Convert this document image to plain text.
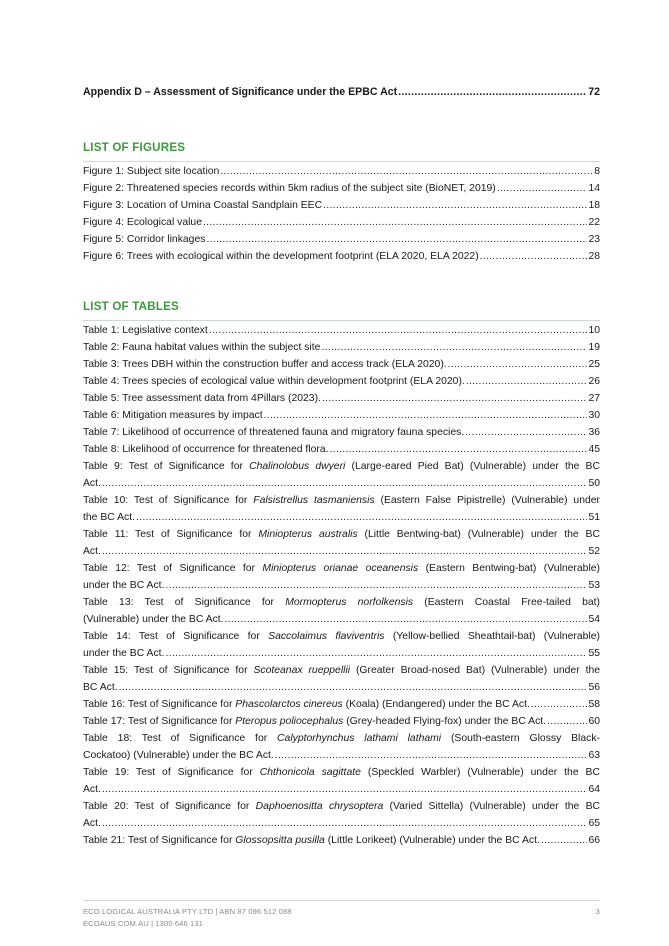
Appendix D – Assessment of Significance under the EPBC Act .....	72
LIST OF FIGURES
Figure 1: Subject site location .....	8
Figure 2: Threatened species records within 5km radius of the subject site (BioNET, 2019) .....	14
Figure 3: Location of Umina Coastal Sandplain EEC .....	18
Figure 4: Ecological value .....	22
Figure 5: Corridor linkages .....	23
Figure 6: Trees with ecological within the development footprint (ELA 2020, ELA 2022) .....	28
LIST OF TABLES
Table 1: Legislative context .....	10
Table 2: Fauna habitat values within the subject site .....	19
Table 3: Trees DBH within the construction buffer and access track (ELA 2020). .....	25
Table 4: Trees species of ecological value within development footprint (ELA 2020). .....	26
Table 5: Tree assessment data from 4Pillars (2023). .....	27
Table 6: Mitigation measures by impact .....	30
Table 7: Likelihood of occurrence of threatened fauna and migratory fauna species. .....	36
Table 8: Likelihood of occurrence for threatened flora. .....	45
Table 9: Test of Significance for Chalinolobus dwyeri (Large-eared Pied Bat) (Vulnerable) under the BC
Act. .....	50
Table 10: Test of Significance for Falsistrellus tasmaniensis (Eastern False Pipistrelle) (Vulnerable) under
the BC Act. .....	51
Table 11: Test of Significance for Miniopterus australis (Little Bentwing-bat) (Vulnerable) under the BC
Act. .....	52
Table 12: Test of Significance for Miniopterus orianae oceanensis (Eastern Bentwing-bat) (Vulnerable)
under the BC Act. .....	53
Table 13: Test of Significance for Mormopterus norfolkensis (Eastern Coastal Free-tailed bat)
(Vulnerable) under the BC Act. .....	54
Table 14: Test of Significance for Saccolaimus flaviventris (Yellow-bellied Sheathtail-bat) (Vulnerable)
under the BC Act. .....	55
Table 15: Test of Significance for Scoteanax rueppellii (Greater Broad-nosed Bat) (Vulnerable) under the
BC Act. .....	56
Table 16: Test of Significance for Phascolarctos cinereus (Koala) (Endangered) under the BC Act. .....	58
Table 17: Test of Significance for Pteropus poliocephalus (Grey-headed Flying-fox) under the BC Act. .....	60
Table 18: Test of Significance for Calyptorhynchus lathami lathami (South-eastern Glossy Black-
Cockatoo) (Vulnerable) under the BC Act. .....	63
Table 19: Test of Significance for Chthonicola sagittate (Speckled Warbler) (Vulnerable) under the BC
Act. .....	64
Table 20: Test of Significance for Daphoenositta chrysoptera (Varied Sittella) (Vulnerable) under the BC
Act. .....	65
Table 21: Test of Significance for Glossopsitta pusilla (Little Lorikeet) (Vulnerable) under the BC Act. .....	66
ECO LOGICAL AUSTRALIA PTY LTD | ABN 87 096 512 088
ECOAUS.COM.AU | 1300 646 131
3
